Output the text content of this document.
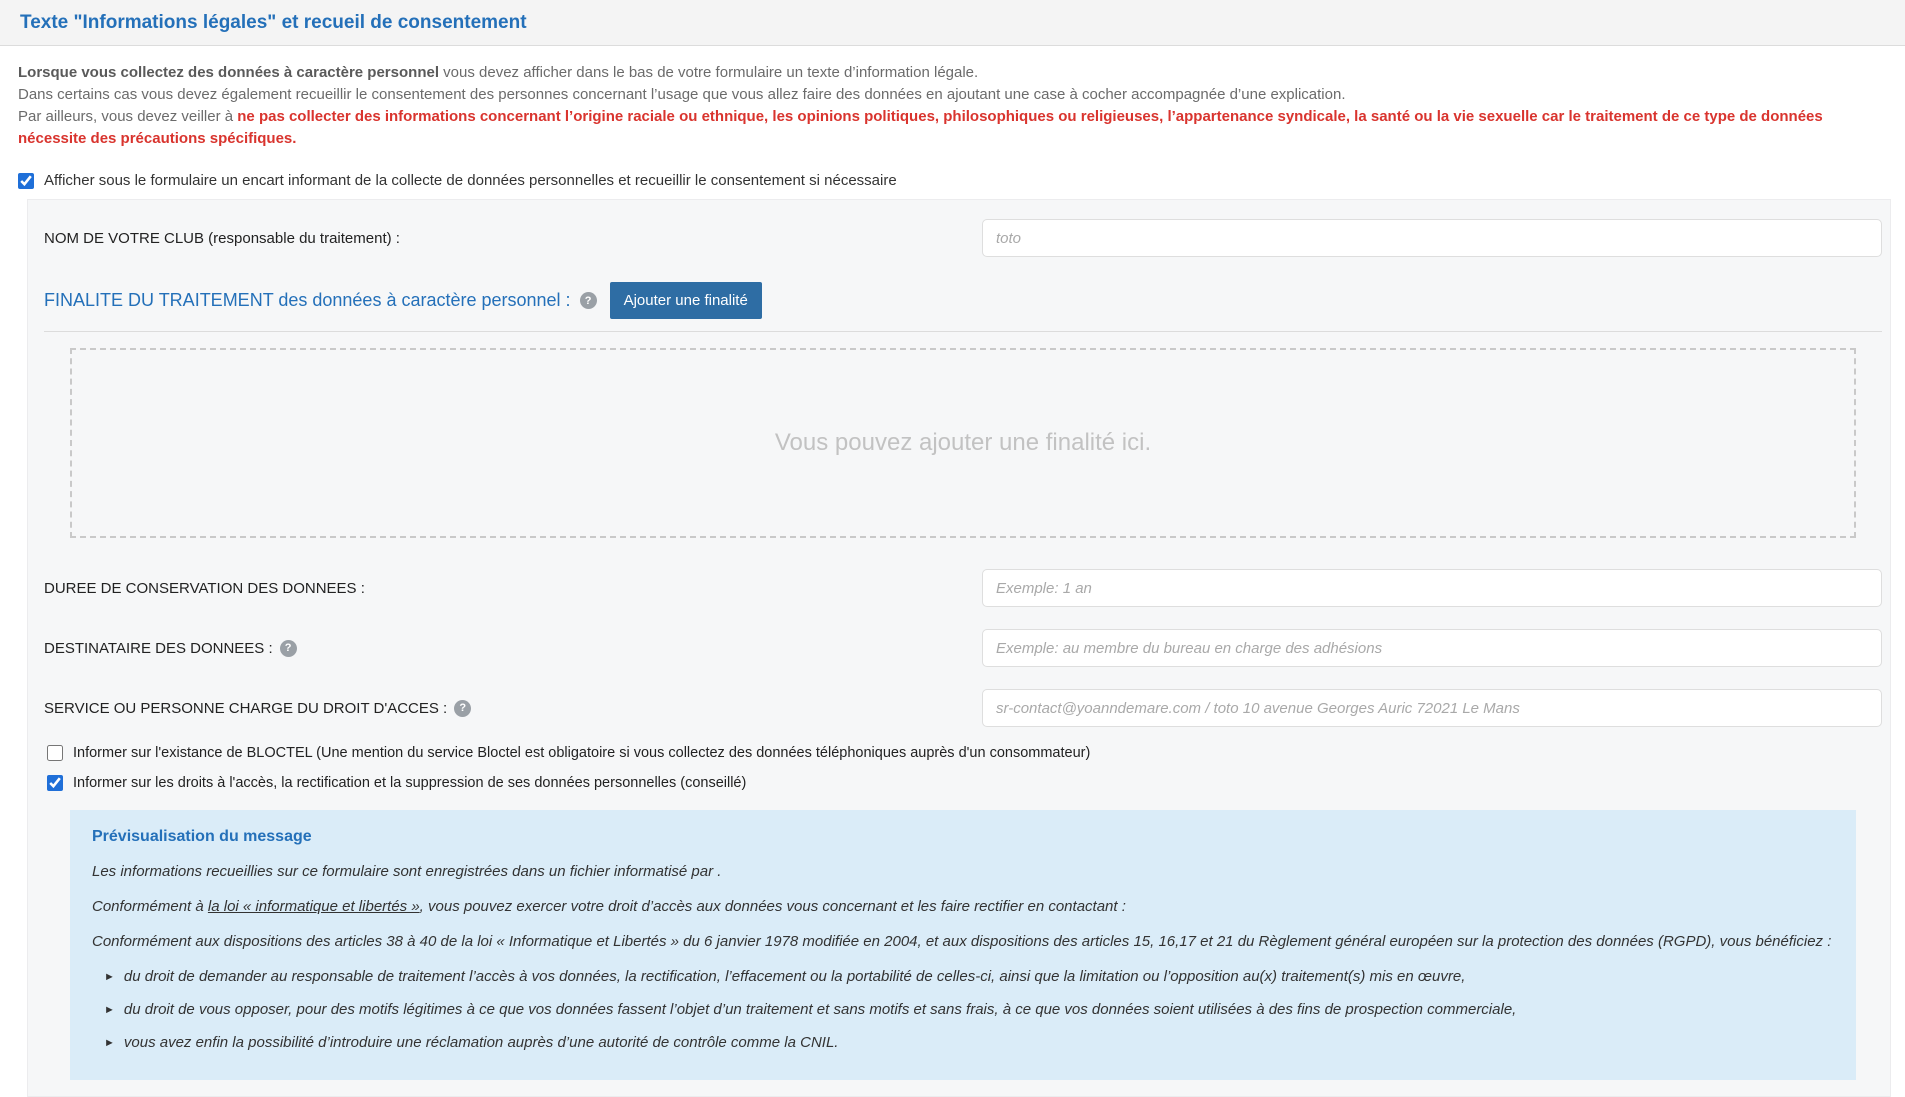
Texte "Informations légales" et recueil de consentement
Lorsque vous collectez des données à caractère personnel vous devez afficher dans le bas de votre formulaire un texte d’information légale.
Dans certains cas vous devez également recueillir le consentement des personnes concernant l’usage que vous allez faire des données en ajoutant une case à cocher accompagnée d’une explication.
Par ailleurs, vous devez veiller à ne pas collecter des informations concernant l’origine raciale ou ethnique, les opinions politiques, philosophiques ou religieuses, l’appartenance syndicale, la santé ou la vie sexuelle car le traitement de ce type de données nécessite des précautions spécifiques.
Afficher sous le formulaire un encart informant de la collecte de données personnelles et recueillir le consentement si nécessaire
NOM DE VOTRE CLUB (responsable du traitement) :
toto
FINALITE DU TRAITEMENT des données à caractère personnel :	?	Ajouter une finalité
Vous pouvez ajouter une finalité ici.
DUREE DE CONSERVATION DES DONNEES :
Exemple: 1 an
DESTINATAIRE DES DONNEES :	?
Exemple: au membre du bureau en charge des adhésions
SERVICE OU PERSONNE CHARGE DU DROIT D'ACCES :	?
sr-contact@yoanndemare.com / toto 10 avenue Georges Auric 72021 Le Mans
Informer sur l'existance de BLOCTEL (Une mention du service Bloctel est obligatoire si vous collectez des données téléphoniques auprès d'un consommateur)
Informer sur les droits à l'accès, la rectification et la suppression de ses données personnelles (conseillé)
Prévisualisation du message

Les informations recueillies sur ce formulaire sont enregistrées dans un fichier informatisé par .

Conformément à la loi « informatique et libertés », vous pouvez exercer votre droit d’accès aux données vous concernant et les faire rectifier en contactant :

Conformément aux dispositions des articles 38 à 40 de la loi « Informatique et Libertés » du 6 janvier 1978 modifiée en 2004, et aux dispositions des articles 15, 16,17 et 21 du Règlement général européen sur la protection des données (RGPD), vous bénéficiez :

► du droit de demander au responsable de traitement l’accès à vos données, la rectification, l’effacement ou la portabilité de celles-ci, ainsi que la limitation ou l’opposition au(x) traitement(s) mis en œuvre,

► du droit de vous opposer, pour des motifs légitimes à ce que vos données fassent l’objet d’un traitement et sans motifs et sans frais, à ce que vos données soient utilisées à des fins de prospection commerciale,

► vous avez enfin la possibilité d’introduire une réclamation auprès d’une autorité de contrôle comme la CNIL.
